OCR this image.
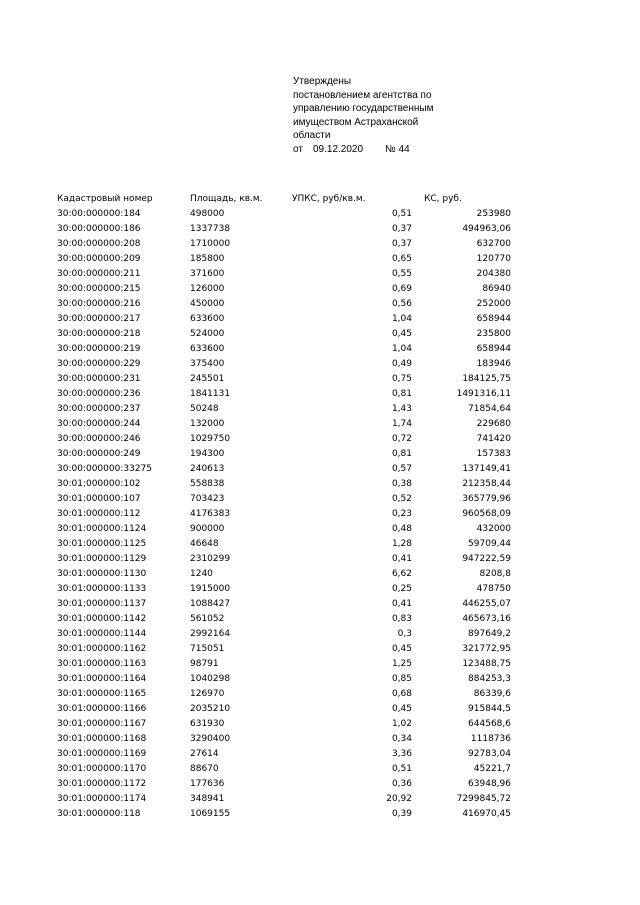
Утверждены
постановлением агентства по
управлению государственным
имуществом Астраханской
области
от 09.12.2020 № 44
Кадастровый номер	Площадь, кв.м.	УПКС, руб/кв.м.	КС, руб.
30:00:000000:184	498000	0,51	253980
30:00:000000:186	1337738	0,37	494963,06
30:00:000000:208	1710000	0,37	632700
30:00:000000:209	185800	0,65	120770
30:00:000000:211	371600	0,55	204380
30:00:000000:215	126000	0,69	86940
30:00:000000:216	450000	0,56	252000
30:00:000000:217	633600	1,04	658944
30:00:000000:218	524000	0,45	235800
30:00:000000:219	633600	1,04	658944
30:00:000000:229	375400	0,49	183946
30:00:000000:231	245501	0,75	184125,75
30:00:000000:236	1841131	0,81	1491316,11
30:00:000000:237	50248	1,43	71854,64
30:00:000000:244	132000	1,74	229680
30:00:000000:246	1029750	0,72	741420
30:00:000000:249	194300	0,81	157383
30:00:000000:33275	240613	0,57	137149,41
30:01:000000:102	558838	0,38	212358,44
30:01:000000:107	703423	0,52	365779,96
30:01:000000:112	4176383	0,23	960568,09
30:01:000000:1124	900000	0,48	432000
30:01:000000:1125	46648	1,28	59709,44
30:01:000000:1129	2310299	0,41	947222,59
30:01:000000:1130	1240	6,62	8208,8
30:01:000000:1133	1915000	0,25	478750
30:01:000000:1137	1088427	0,41	446255,07
30:01:000000:1142	561052	0,83	465673,16
30:01:000000:1144	2992164	0,3	897649,2
30:01:000000:1162	715051	0,45	321772,95
30:01:000000:1163	98791	1,25	123488,75
30:01:000000:1164	1040298	0,85	884253,3
30:01:000000:1165	126970	0,68	86339,6
30:01:000000:1166	2035210	0,45	915844,5
30:01:000000:1167	631930	1,02	644568,6
30:01:000000:1168	3290400	0,34	1118736
30:01:000000:1169	27614	3,36	92783,04
30:01:000000:1170	88670	0,51	45221,7
30:01:000000:1172	177636	0,36	63948,96
30:01:000000:1174	348941	20,92	7299845,72
30:01:000000:118	1069155	0,39	416970,45
